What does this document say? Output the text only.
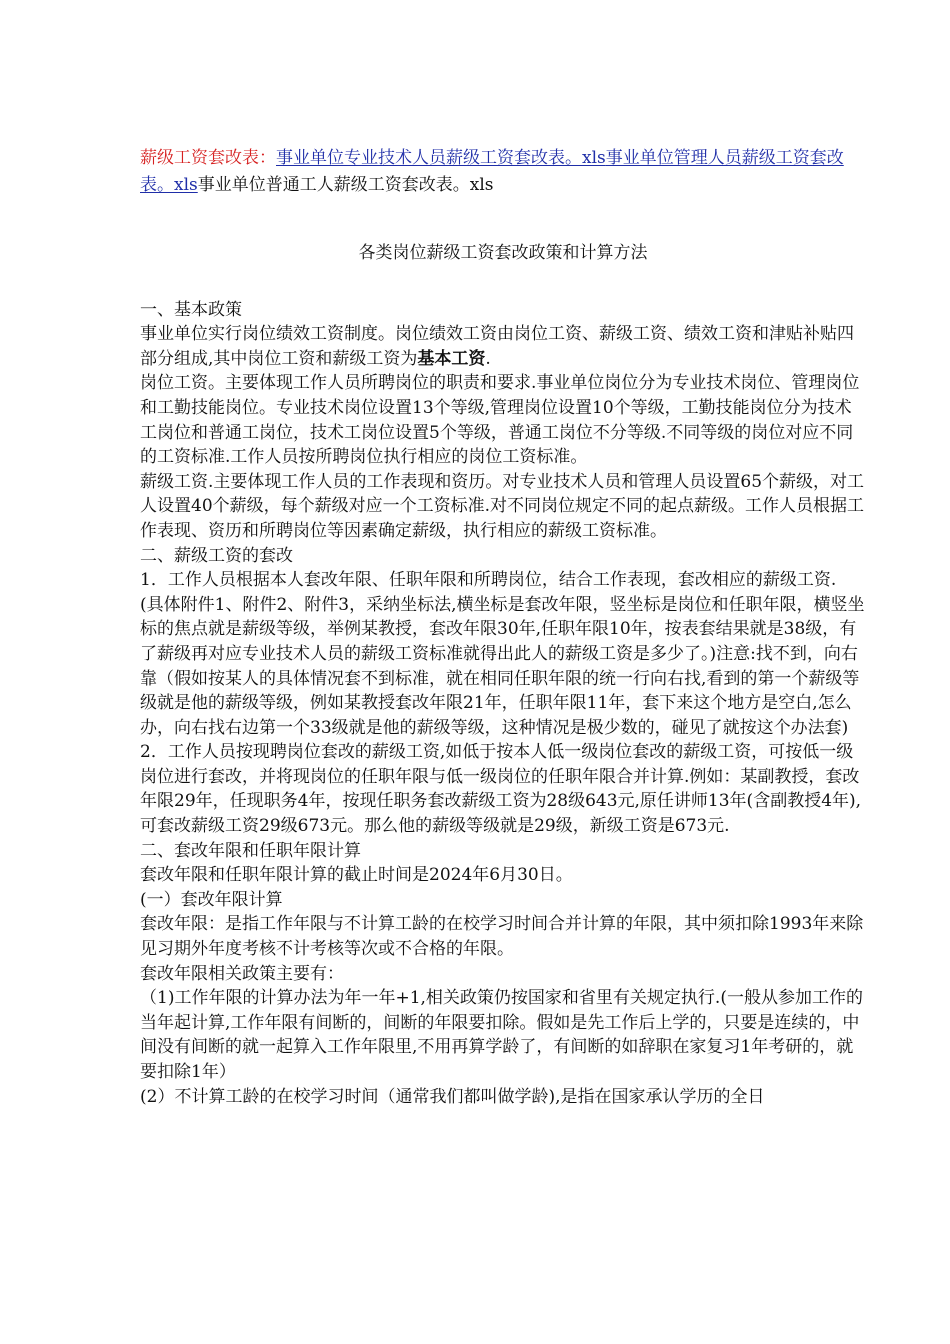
薪级工资套改表：事业单位专业技术人员薪级工资套改表。xls事业单位管理人员薪级工资套改表。xls事业单位普通工人薪级工资套改表。xls
各类岗位薪级工资套改政策和计算方法

一、基本政策

事业单位实行岗位绩效工资制度。岗位绩效工资由岗位工资、薪级工资、绩效工资和津贴补贴四部分组成,其中岗位工资和薪级工资为基本工资.

岗位工资。主要体现工作人员所聘岗位的职责和要求.事业单位岗位分为专业技术岗位、管理岗位和工勤技能岗位。专业技术岗位设置13个等级,管理岗位设置10个等级，工勤技能岗位分为技术工岗位和普通工岗位，技术工岗位设置5个等级，普通工岗位不分等级.不同等级的岗位对应不同的工资标准.工作人员按所聘岗位执行相应的岗位工资标准。

薪级工资.主要体现工作人员的工作表现和资历。对专业技术人员和管理人员设置65个薪级，对工人设置40个薪级，每个薪级对应一个工资标准.对不同岗位规定不同的起点薪级。工作人员根据工作表现、资历和所聘岗位等因素确定薪级，执行相应的薪级工资标准。

二、薪级工资的套改

1．工作人员根据本人套改年限、任职年限和所聘岗位，结合工作表现，套改相应的薪级工资.

(具体附件1、附件2、附件3，采纳坐标法,横坐标是套改年限，竖坐标是岗位和任职年限，横竖坐标的焦点就是薪级等级，举例某教授，套改年限30年,任职年限10年，按表套结果就是38级，有了薪级再对应专业技术人员的薪级工资标准就得出此人的薪级工资是多少了。)注意:找不到，向右靠（假如按某人的具体情况套不到标准，就在相同任职年限的统一行向右找,看到的第一个薪级等级就是他的薪级等级，例如某教授套改年限21年，任职年限11年，套下来这个地方是空白,怎么办，向右找右边第一个33级就是他的薪级等级，这种情况是极少数的，碰见了就按这个办法套)

2．工作人员按现聘岗位套改的薪级工资,如低于按本人低一级岗位套改的薪级工资，可按低一级岗位进行套改，并将现岗位的任职年限与低一级岗位的任职年限合并计算.例如：某副教授，套改年限29年，任现职务4年，按现任职务套改薪级工资为28级643元,原任讲师13年(含副教授4年),可套改薪级工资29级673元。那么他的薪级等级就是29级，新级工资是673元.

二、套改年限和任职年限计算

套改年限和任职年限计算的截止时间是2024年6月30日。

(一）套改年限计算

套改年限：是指工作年限与不计算工龄的在校学习时间合并计算的年限，其中须扣除1993年来除见习期外年度考核不计考核等次或不合格的年限。

套改年限相关政策主要有：

（1)工作年限的计算办法为年一年+1,相关政策仍按国家和省里有关规定执行.(一般从参加工作的当年起计算,工作年限有间断的，间断的年限要扣除。假如是先工作后上学的，只要是连续的，中间没有间断的就一起算入工作年限里,不用再算学龄了，有间断的如辞职在家复习1年考研的，就要扣除1年）

(2）不计算工龄的在校学习时间（通常我们都叫做学龄),是指在国家承认学历的全日
